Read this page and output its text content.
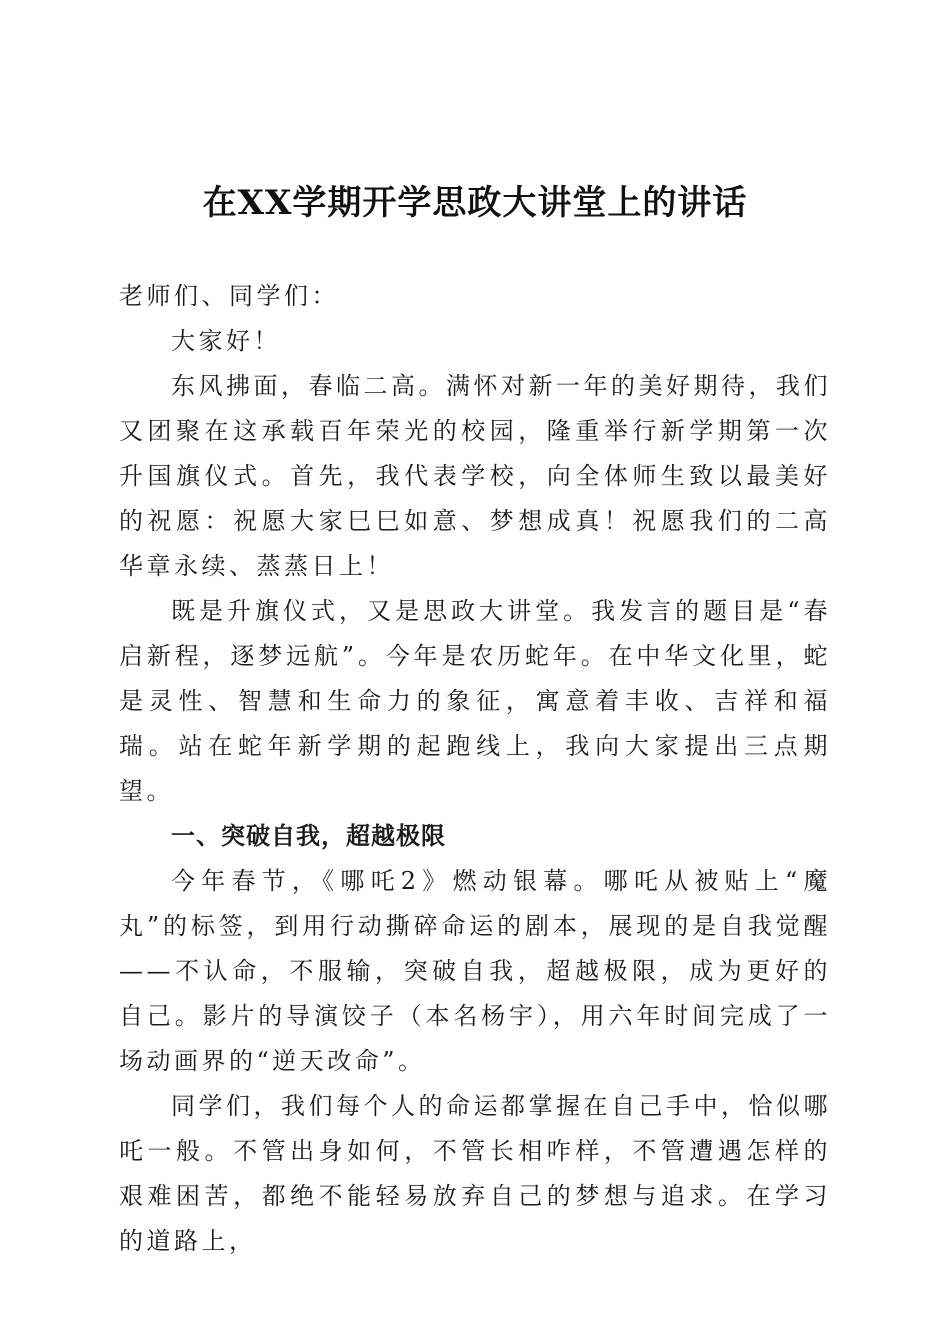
在XX学期开学思政大讲堂上的讲话

老师们、同学们：

大家好！

东风拂面，春临二高。满怀对新一年的美好期待，我们又团聚在这承载百年荣光的校园，隆重举行新学期第一次升国旗仪式。首先，我代表学校，向全体师生致以最美好的祝愿：祝愿大家巳巳如意、梦想成真！祝愿我们的二高华章永续、蒸蒸日上！

既是升旗仪式，又是思政大讲堂。我发言的题目是“春启新程，逐梦远航”。今年是农历蛇年。在中华文化里，蛇是灵性、智慧和生命力的象征，寓意着丰收、吉祥和福瑞。站在蛇年新学期的起跑线上，我向大家提出三点期望。

一、突破自我，超越极限

今年春节，《哪吒2》燃动银幕。哪吒从被贴上“魔丸”的标签，到用行动撕碎命运的剧本，展现的是自我觉醒——不认命，不服输，突破自我，超越极限，成为更好的自己。影片的导演饺子（本名杨宇），用六年时间完成了一场动画界的“逆天改命”。

同学们，我们每个人的命运都掌握在自己手中，恰似哪吒一般。不管出身如何，不管长相咋样，不管遭遇怎样的艰难困苦，都绝不能轻易放弃自己的梦想与追求。在学习的道路上，
